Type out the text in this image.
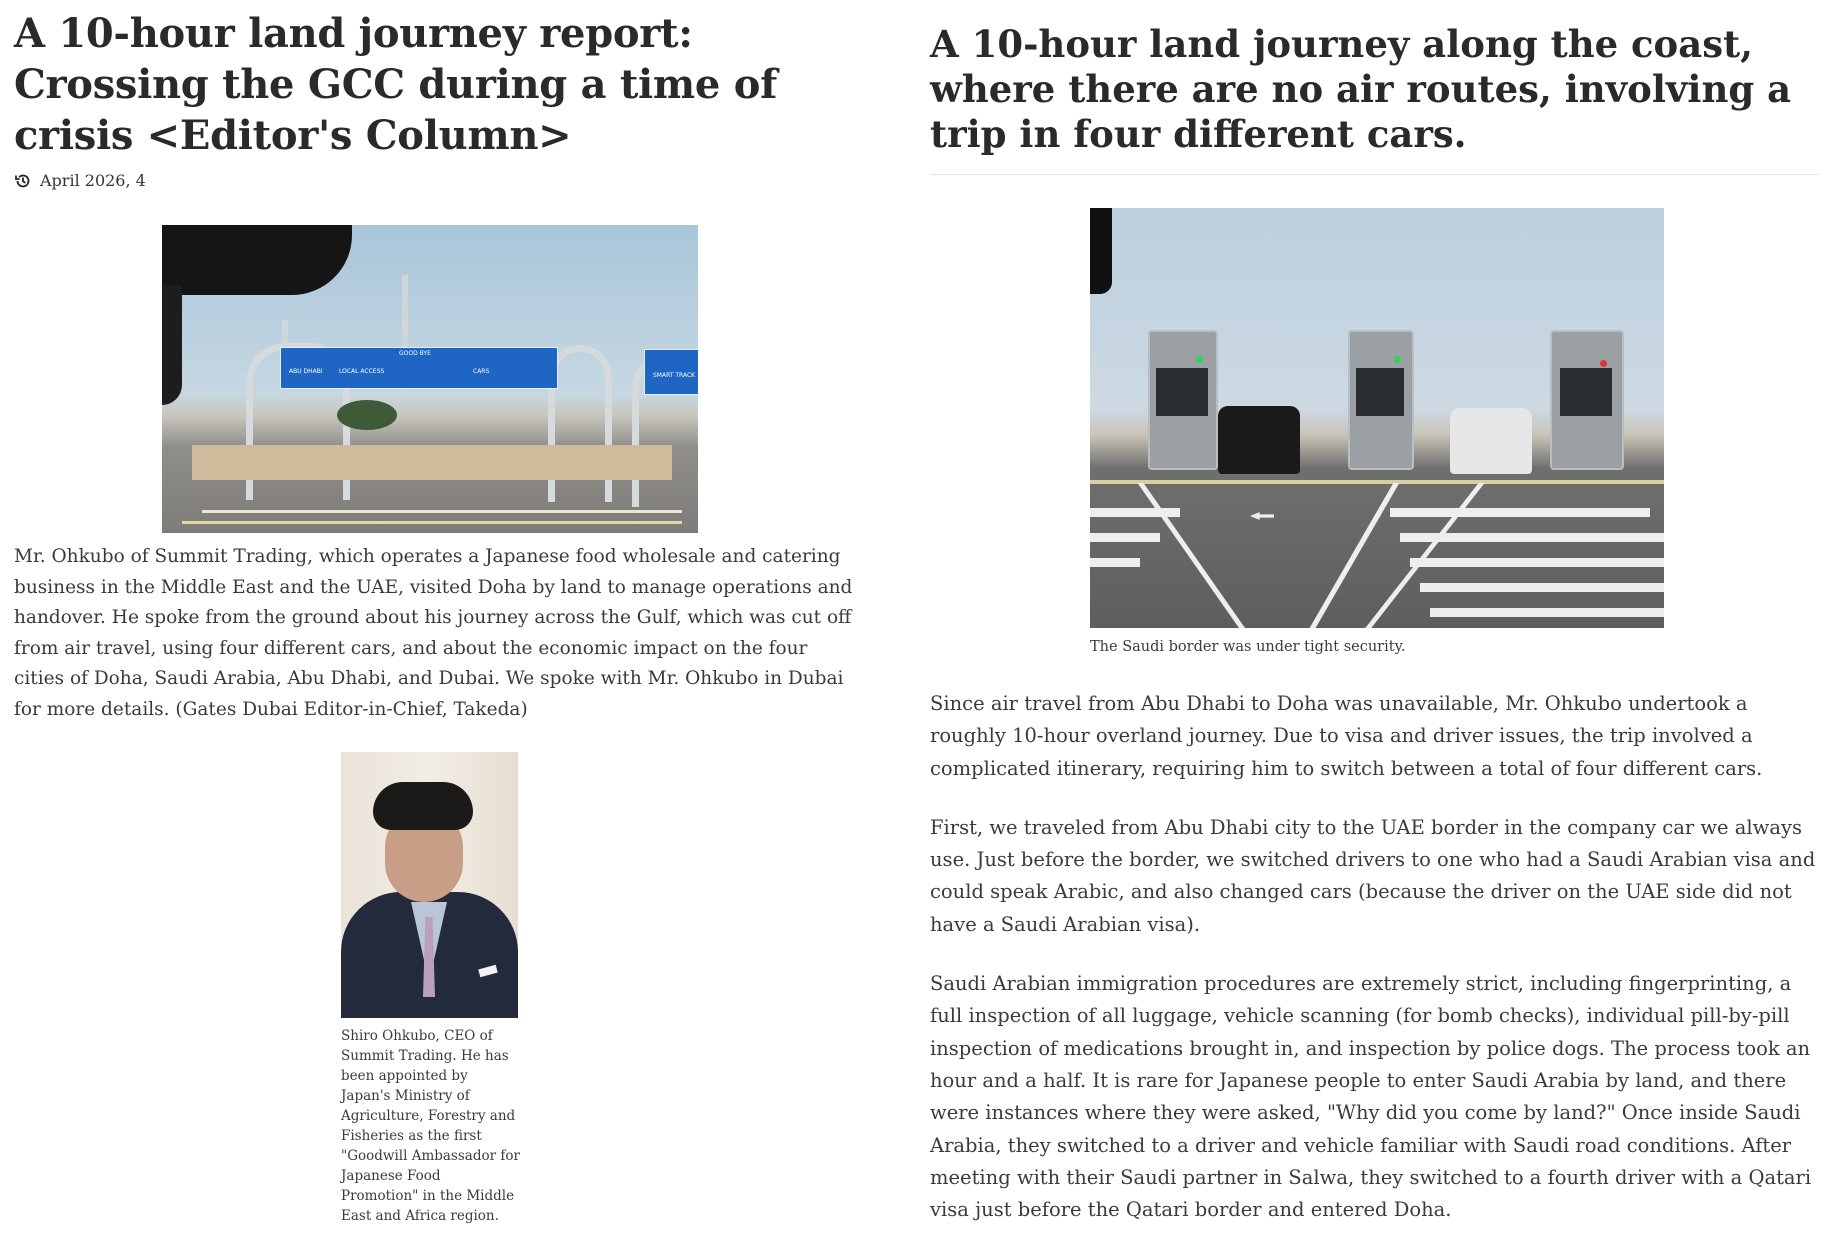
A 10-hour land journey report: Crossing the GCC during a time of crisis <Editor's Column>
April 2026, 4
GOOD BYE
ABU DHABI	LOCAL ACCESS	CARS
SMART TRACK

Mr. Ohkubo of Summit Trading, which operates a Japanese food wholesale and catering business in the Middle East and the UAE, visited Doha by land to manage operations and handover. He spoke from the ground about his journey across the Gulf, which was cut off from air travel, using four different cars, and about the economic impact on the four cities of Doha, Saudi Arabia, Abu Dhabi, and Dubai. We spoke with Mr. Ohkubo in Dubai for more details. (Gates Dubai Editor-in-Chief, Takeda)

Shiro Ohkubo, CEO of Summit Trading. He has been appointed by Japan's Ministry of Agriculture, Forestry and Fisheries as the first "Goodwill Ambassador for Japanese Food Promotion" in the Middle East and Africa region.
A 10-hour land journey along the coast, where there are no air routes, involving a trip in four different cars.
The Saudi border was under tight security.

Since air travel from Abu Dhabi to Doha was unavailable, Mr. Ohkubo undertook a roughly 10-hour overland journey. Due to visa and driver issues, the trip involved a complicated itinerary, requiring him to switch between a total of four different cars.

First, we traveled from Abu Dhabi city to the UAE border in the company car we always use. Just before the border, we switched drivers to one who had a Saudi Arabian visa and could speak Arabic, and also changed cars (because the driver on the UAE side did not have a Saudi Arabian visa).

Saudi Arabian immigration procedures are extremely strict, including fingerprinting, a full inspection of all luggage, vehicle scanning (for bomb checks), individual pill-by-pill inspection of medications brought in, and inspection by police dogs. The process took an hour and a half. It is rare for Japanese people to enter Saudi Arabia by land, and there were instances where they were asked, "Why did you come by land?" Once inside Saudi Arabia, they switched to a driver and vehicle familiar with Saudi road conditions. After meeting with their Saudi partner in Salwa, they switched to a fourth driver with a Qatari visa just before the Qatari border and entered Doha.
